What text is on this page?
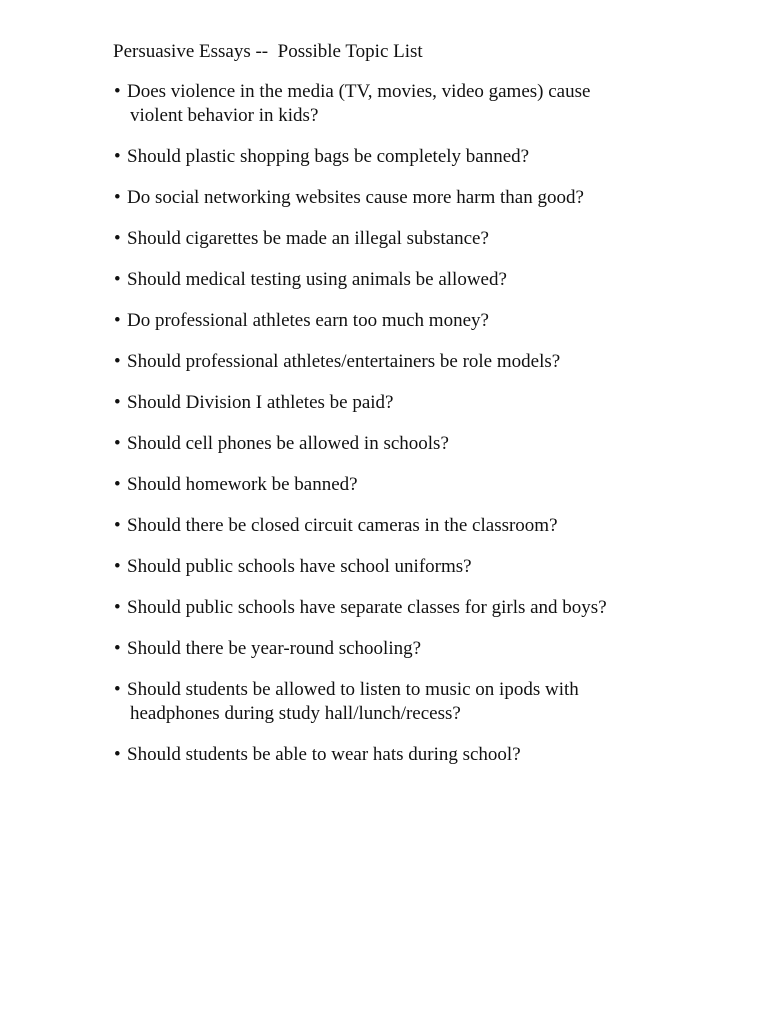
Persuasive Essays --  Possible Topic List
• Does violence in the media (TV, movies, video games) cause
violent behavior in kids?
• Should plastic shopping bags be completely banned?
• Do social networking websites cause more harm than good?
• Should cigarettes be made an illegal substance?
• Should medical testing using animals be allowed?
• Do professional athletes earn too much money?
• Should professional athletes/entertainers be role models?
• Should Division I athletes be paid?
• Should cell phones be allowed in schools?
• Should homework be banned?
• Should there be closed circuit cameras in the classroom?
• Should public schools have school uniforms?
• Should public schools have separate classes for girls and boys?
• Should there be year-round schooling?
• Should students be allowed to listen to music on ipods with
headphones during study hall/lunch/recess?
• Should students be able to wear hats during school?
